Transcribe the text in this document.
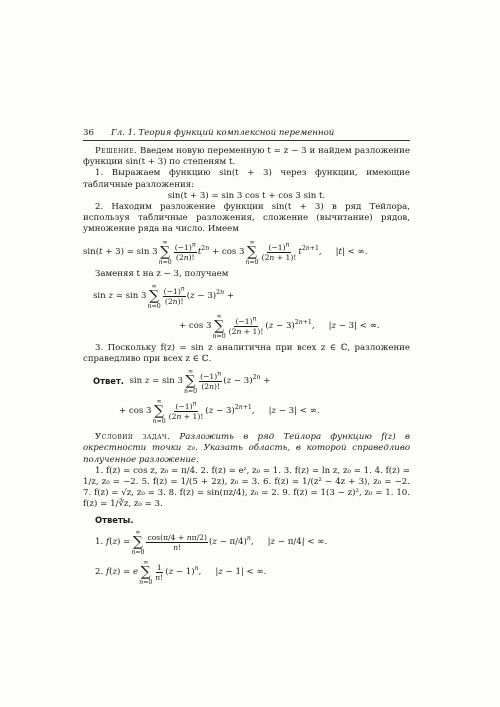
36	Гл. 1. Теория функций комплексной переменной

Решение. Введем новую переменную t = z − 3 и найдем разложение функции sin(t + 3) по степеням t.

1. Выражаем функцию sin(t + 3) через функции, имеющие табличные разложения:

sin(t + 3) = sin 3 cos t + cos 3 sin t.

2. Находим разложение функции sin(t + 3) в ряд Тейлора, используя табличные разложения, сложение (вычитание) рядов, умножение ряда на число. Имеем

sin(t + 3) = sin 3
∞
∑
n=0
$\frac{(-1)^n}{(2n)!} t^{2n} + \cos 3$
∞
∑
n=0
$\frac{(-1)^n}{(2n + 1)!} t^{2n+1}$, |t| < ∞.

Заменяя t на z − 3, получаем

sin z = sin 3
∞
∑
n=0
$\frac{(-1)^n}{(2n)!} (z - 3)^{2n}$ +
+ cos 3
∞
∑
n=0
$\frac{(-1)^n}{(2n + 1)!} (z - 3)^{2n+1}$, |z − 3| < ∞.

3. Поскольку f(z) = sin z аналитична при всех z ∈ ℂ, разложение справедливо при всех z ∈ ℂ.

Ответ. sin z = sin 3
∞
∑
n=0
$\frac{(-1)^n}{(2n)!} (z - 3)^{2n}$ +
+ cos 3
∞
∑
n=0
$\frac{(-1)^n}{(2n + 1)!} (z - 3)^{2n+1}$, |z − 3| < ∞.

Условия задач. Разложить в ряд Тейлора функцию f(z) в окрестности точки z₀. Указать область, в которой справедливо полученное разложение.

1. f(z) = cos z, z₀ = π/4. 2. f(z) = eᶻ, z₀ = 1. 3. f(z) = ln z, z₀ = 1. 4. f(z) = 1/z, z₀ = −2. 5. f(z) = 1/(5 + 2z), z₀ = 3. 6. f(z) = 1/(z² − 4z + 3), z₀ = −2. 7. f(z) = √z, z₀ = 3. 8. f(z) = sin(πz/4), z₀ = 2. 9. f(z) = 1(3 − z)², z₀ = 1. 10. f(z) = 1/∛z, z₀ = 3.

Ответы.

1. f(z) =
∞
∑
n=0
$\frac{\cos(\pi/4 + n\pi/2)}{n!} (z - \pi/4)^n$, |z − π/4| < ∞.
2. f(z) = e
∞
∑
n=0
$\frac{1}{n!} (z - 1)^n$, |z − 1| < ∞.
